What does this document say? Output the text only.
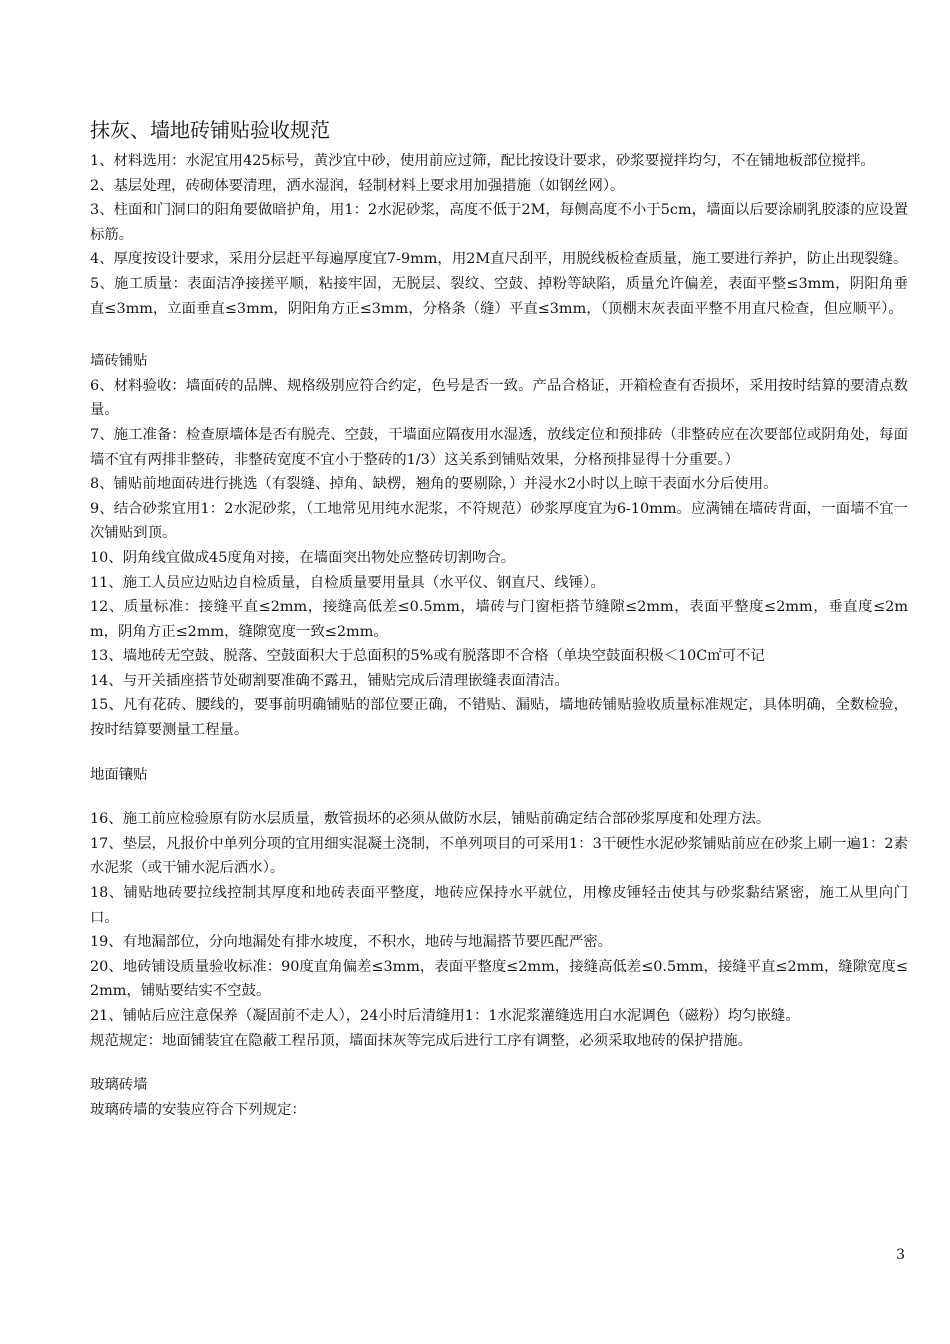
抹灰、墙地砖铺贴验收规范

1、材料选用：水泥宜用425标号，黄沙宜中砂，使用前应过筛，配比按设计要求，砂浆要搅拌均匀，不在铺地板部位搅拌。

2、基层处理，砖砌体要清理，洒水湿润，轻制材料上要求用加强措施（如钢丝网）。

3、柱面和门洞口的阳角要做暗护角，用1：2水泥砂浆，高度不低于2M，每侧高度不小于5cm，墙面以后要涂刷乳胶漆的应设置标筋。

4、厚度按设计要求，采用分层赶平每遍厚度宜7-9mm，用2M直尺刮平，用脱线板检查质量，施工要进行养护，防止出现裂缝。

5、施工质量：表面洁净接搓平顺，粘接牢固，无脱层、裂纹、空鼓、掉粉等缺陷，质量允许偏差，表面平整≤3mm，阴阳角垂直≤3mm，立面垂直≤3mm，阴阳角方正≤3mm，分格条（缝）平直≤3mm，（顶棚末灰表面平整不用直尺检查，但应顺平）。

墙砖铺贴

6、材料验收：墙面砖的品牌、规格级别应符合约定，色号是否一致。产品合格证，开箱检查有否损坏，采用按时结算的要清点数量。

7、施工准备：检查原墙体是否有脱壳、空鼓，干墙面应隔夜用水湿透，放线定位和预排砖（非整砖应在次要部位或阴角处，每面墙不宜有两排非整砖，非整砖宽度不宜小于整砖的1/3）这关系到铺贴效果，分格预排显得十分重要。）

8、铺贴前地面砖进行挑选（有裂缝、掉角、缺楞，翘角的要剔除，）并浸水2小时以上晾干表面水分后使用。

9、结合砂浆宜用1：2水泥砂浆，（工地常见用纯水泥浆，不符规范）砂浆厚度宜为6-10mm。应满铺在墙砖背面，一面墙不宜一次铺贴到顶。

10、阴角线宜做成45度角对接，在墙面突出物处应整砖切割吻合。

11、施工人员应边贴边自检质量，自检质量要用量具（水平仪、钢直尺、线锤）。

12、质量标准：接缝平直≤2mm，接缝高低差≤0.5mm，墙砖与门窗柜搭节缝隙≤2mm，表面平整度≤2mm，垂直度≤2mm，阴角方正≤2mm，缝隙宽度一致≤2mm。

13、墙地砖无空鼓、脱落、空鼓面积大于总面积的5%或有脱落即不合格（单块空鼓面积极＜10C㎡可不记

14、与开关插座搭节处砌割要准确不露丑，铺贴完成后清理嵌缝表面清洁。

15、凡有花砖、腰线的，要事前明确铺贴的部位要正确，不错贴、漏贴，墙地砖铺贴验收质量标准规定，具体明确，全数检验，按时结算要测量工程量。

地面镶贴

16、施工前应检验原有防水层质量，敷管损坏的必须从做防水层，铺贴前确定结合部砂浆厚度和处理方法。

17、垫层，凡报价中单列分项的宜用细实混凝土浇制，不单列项目的可采用1：3干硬性水泥砂浆铺贴前应在砂浆上刷一遍1：2素水泥浆（或干铺水泥后洒水）。

18、铺贴地砖要拉线控制其厚度和地砖表面平整度，地砖应保持水平就位，用橡皮锤轻击使其与砂浆黏结紧密，施工从里向门口。

19、有地漏部位，分向地漏处有排水坡度，不积水，地砖与地漏搭节要匹配严密。

20、地砖铺设质量验收标准：90度直角偏差≤3mm，表面平整度≤2mm，接缝高低差≤0.5mm，接缝平直≤2mm，缝隙宽度≤2mm，铺贴要结实不空鼓。

21、铺帖后应注意保养（凝固前不走人），24小时后清缝用1：1水泥浆灌缝选用白水泥调色（磁粉）均匀嵌缝。

规范规定：地面铺装宜在隐蔽工程吊顶，墙面抹灰等完成后进行工序有调整，必须采取地砖的保护措施。

玻璃砖墙

玻璃砖墙的安装应符合下列规定：

3
